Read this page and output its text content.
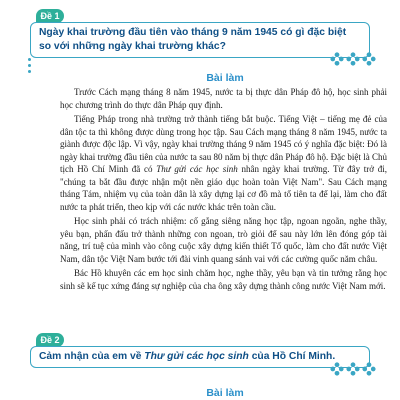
Đề 1
Ngày khai trường đầu tiên vào tháng 9 năm 1945 có gì đặc biệt so với những ngày khai trường khác?
Bài làm

Trước Cách mạng tháng 8 năm 1945, nước ta bị thực dân Pháp đô hộ, học sinh phải học chương trình do thực dân Pháp quy định.

Tiếng Pháp trong nhà trường trở thành tiếng bắt buộc. Tiếng Việt – tiếng mẹ đẻ của dân tộc ta thì không được dùng trong học tập. Sau Cách mạng tháng 8 năm 1945, nước ta giành được độc lập. Vì vậy, ngày khai trường tháng 9 năm 1945 có ý nghĩa đặc biệt: Đó là ngày khai trường đầu tiên của nước ta sau 80 năm bị thực dân Pháp đô hộ. Đặc biệt là Chủ tịch Hồ Chí Minh đã có Thư gửi các học sinh nhân ngày khai trường. Từ đây trở đi, "chúng ta bắt đầu được nhận một nền giáo dục hoàn toàn Việt Nam". Sau Cách mạng tháng Tám, nhiệm vụ của toàn dân là xây dựng lại cơ đồ mà tổ tiên ta để lại, làm cho đất nước ta phát triển, theo kịp với các nước khác trên toàn cầu.

Học sinh phải có trách nhiệm: cố gắng siêng năng học tập, ngoan ngoãn, nghe thầy, yêu bạn, phấn đấu trở thành những con ngoan, trò giỏi để sau này lớn lên đóng góp tài năng, trí tuệ của mình vào công cuộc xây dựng kiến thiết Tổ quốc, làm cho đất nước Việt Nam, dân tộc Việt Nam bước tới đài vinh quang sánh vai với các cường quốc năm châu.

Bác Hồ khuyên các em học sinh chăm học, nghe thầy, yêu bạn và tin tưởng rằng học sinh sẽ kế tục xứng đáng sự nghiệp của cha ông xây dựng thành công nước Việt Nam mới.

Đề 2
Cảm nhận của em về Thư gửi các học sinh của Hồ Chí Minh.
Bài làm
